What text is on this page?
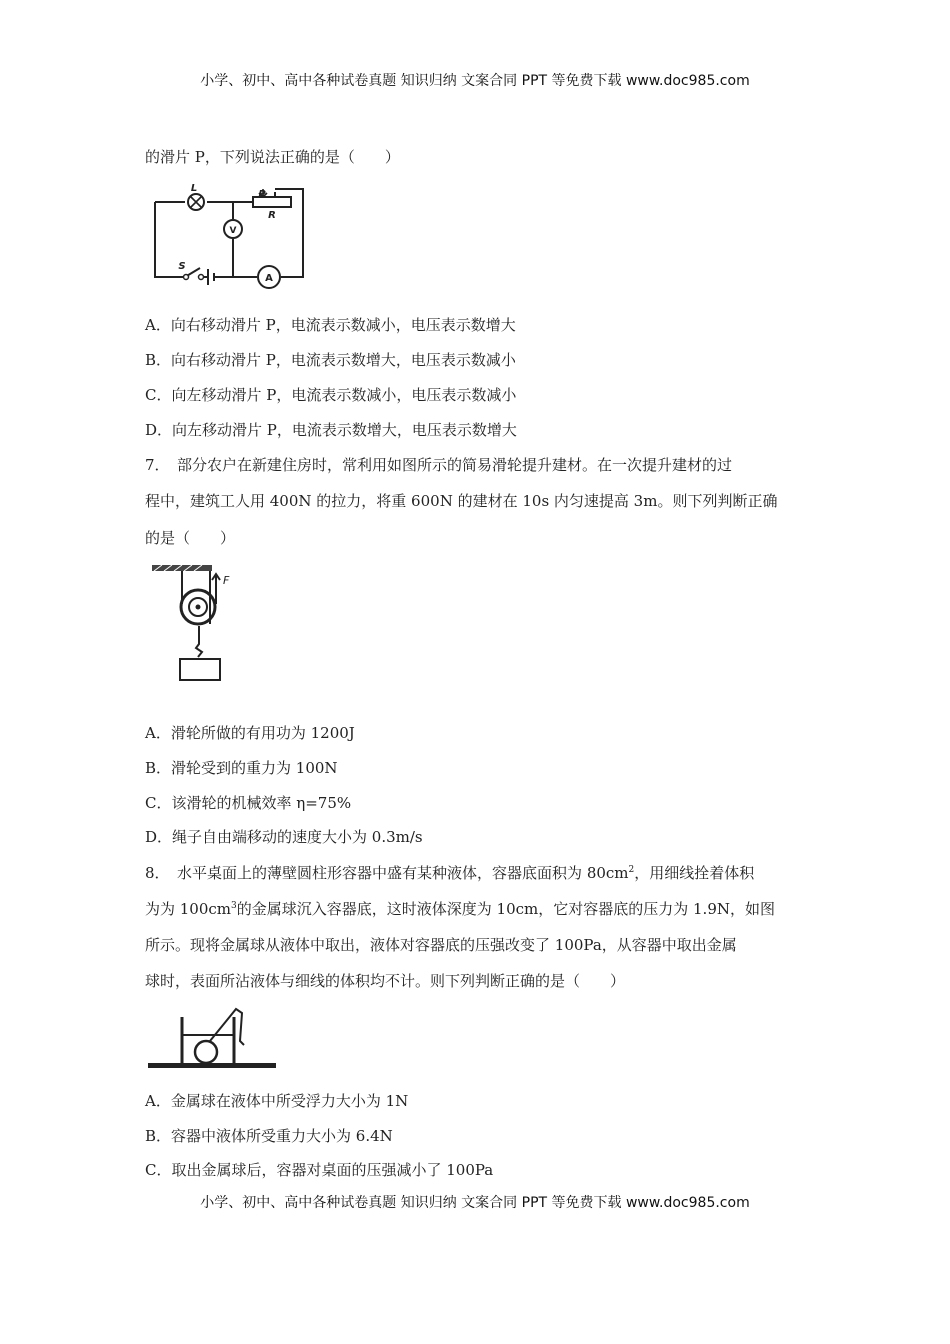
小学、初中、高中各种试卷真题 知识归纳 文案合同 PPT 等免费下载 www.doc985.com
的滑片 P，下列说法正确的是（　　）
L
P
R
V
A
S
A．向右移动滑片 P，电流表示数减小，电压表示数增大
B．向右移动滑片 P，电流表示数增大，电压表示数减小
C．向左移动滑片 P，电流表示数减小，电压表示数减小
D．向左移动滑片 P，电流表示数增大，电压表示数增大
7．　部分农户在新建住房时，常利用如图所示的简易滑轮提升建材。在一次提升建材的过
程中，建筑工人用 400N 的拉力，将重 600N 的建材在 10s 内匀速提高 3m。则下列判断正确
的是（　　）
F
A．滑轮所做的有用功为 1200J
B．滑轮受到的重力为 100N
C．该滑轮的机械效率 η=75%
D．绳子自由端移动的速度大小为 0.3m/s
8．　水平桌面上的薄壁圆柱形容器中盛有某种液体，容器底面积为 $80cm^2$，用细线拴着体积
为为 $100cm^3$的金属球沉入容器底，这时液体深度为 10cm，它对容器底的压力为 1.9N，如图
所示。现将金属球从液体中取出，液体对容器底的压强改变了 100Pa，从容器中取出金属
球时，表面所沾液体与细线的体积均不计。则下列判断正确的是（　　）
A．金属球在液体中所受浮力大小为 1N
B．容器中液体所受重力大小为 6.4N
C．取出金属球后，容器对桌面的压强减小了 100Pa
小学、初中、高中各种试卷真题 知识归纳 文案合同 PPT 等免费下载 www.doc985.com
